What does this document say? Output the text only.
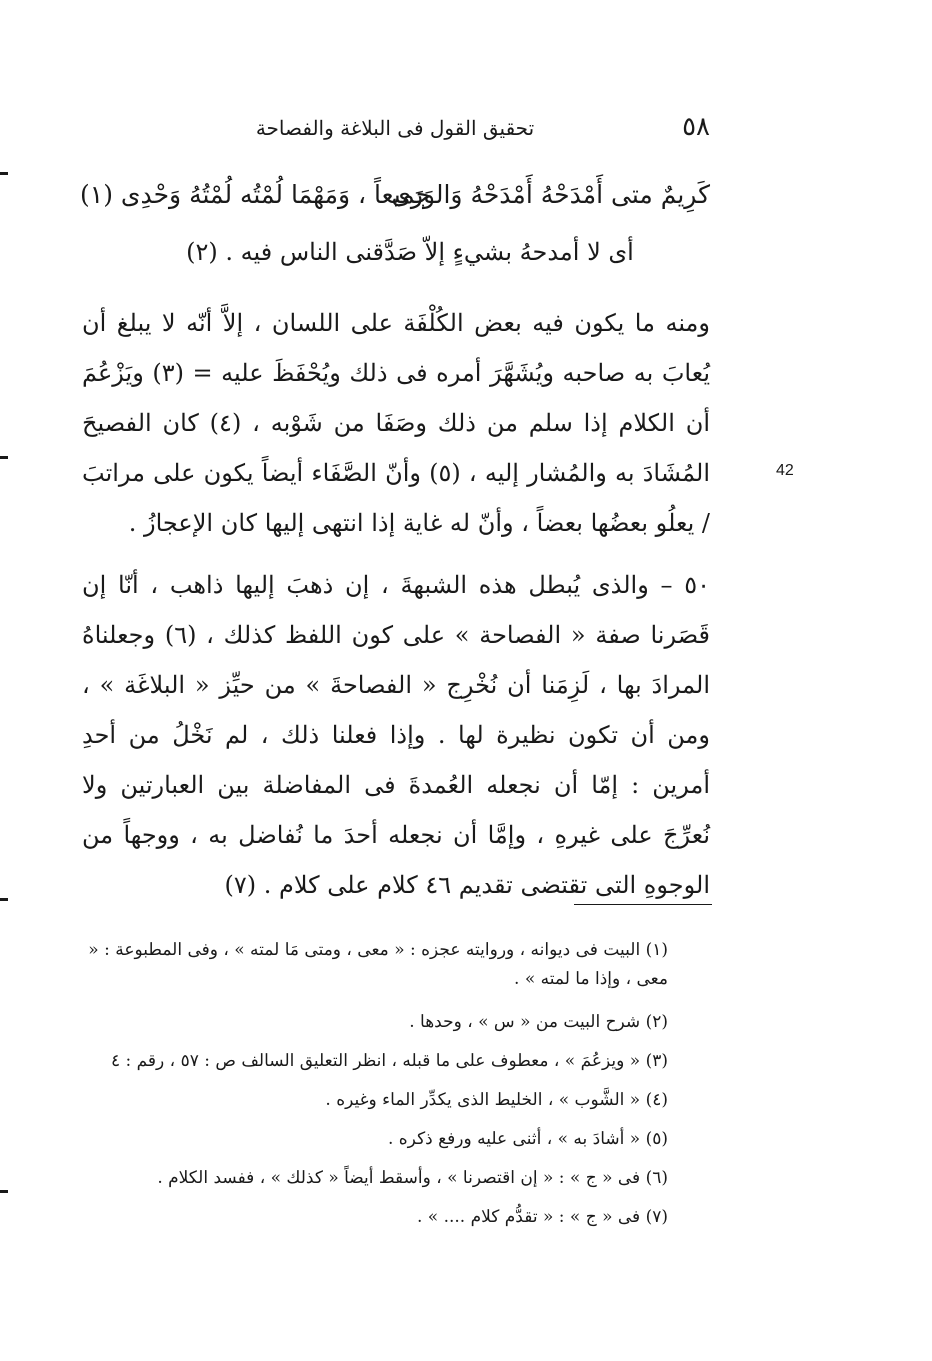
٥٨
تحقيق القول فى البلاغة والفصاحة
كَرِيمٌ متى أَمْدَحْهُ أَمْدَحْهُ وَالوَرَى
جميعاً ، وَمَهْمَا لُمْتُه لُمْتُهُ وَحْدِى (١)
أى لا أمدحهُ بشيءٍ إلاّ صَدَّقنى الناس فيه . (٢)

ومنه ما يكون فيه بعض الكُلْفَة على اللسان ، إلاَّ أنّه لا يبلغ أن يُعابَ به صاحبه ويُشَهَّرَ أمره فى ذلك ويُحْفَظَ عليه = (٣) ويَزْعُمَ أن الكلام إذا سلم من ذلك وصَفَا من شَوْبه ، (٤) كان الفصيحَ المُشَادَ به والمُشار إليه ، (٥) وأنّ الصَّفَاء أيضاً يكون على مراتبَ / يعلُو بعضُها بعضاً ، وأنّ له غاية إذا انتهى إليها كان الإعجازُ .

42

٥٠ – والذى يُبطل هذه الشبهةَ ، إن ذهبَ إليها ذاهب ، أنّا إن قَصَرنا صفة « الفصاحة » على كون اللفظ كذلك ، (٦) وجعلناهُ المرادَ بها ، لَزِمَنا أن نُخْرِج « الفصاحةَ » من حيِّز « البلاغَة » ، ومن أن تكون نظيرة لها . وإذا فعلنا ذلك ، لم نَخْلُ من أحدِ أمرين : إمّا أن نجعله العُمدةَ فى المفاضلة بين العبارتين ولا نُعرِّجَ على غيرهِ ، وإمَّا أن نجعله أحدَ ما نُفاضل به ، ووجهاً من الوجوهِ التى تقتضى تقديم ٤٦ كلام على كلام . (٧)

(١) البيت فى ديوانه ، وروايته عجزه : « معى ، ومتى مَا لمته » ، وفى المطبوعة : « معى ، وإذا ما لمته » .

(٢) شرح البيت من « س » ، وحدها .

(٣) « ويزعُمَ » ، معطوف على ما قبله ، انظر التعليق السالف ص : ٥٧ ، رقم : ٤

(٤) « الشَّوب » ، الخليط الذى يكدِّر الماء وغيره .

(٥) « أشادَ به » ، أثنى عليه ورفع ذكره .

(٦) فى « ج » : « إن اقتصرنا » ، وأسقط أيضاً « كذلك » ، ففسد الكلام .

(٧) فى « ج » : « تقدُّم كلام .... » .
